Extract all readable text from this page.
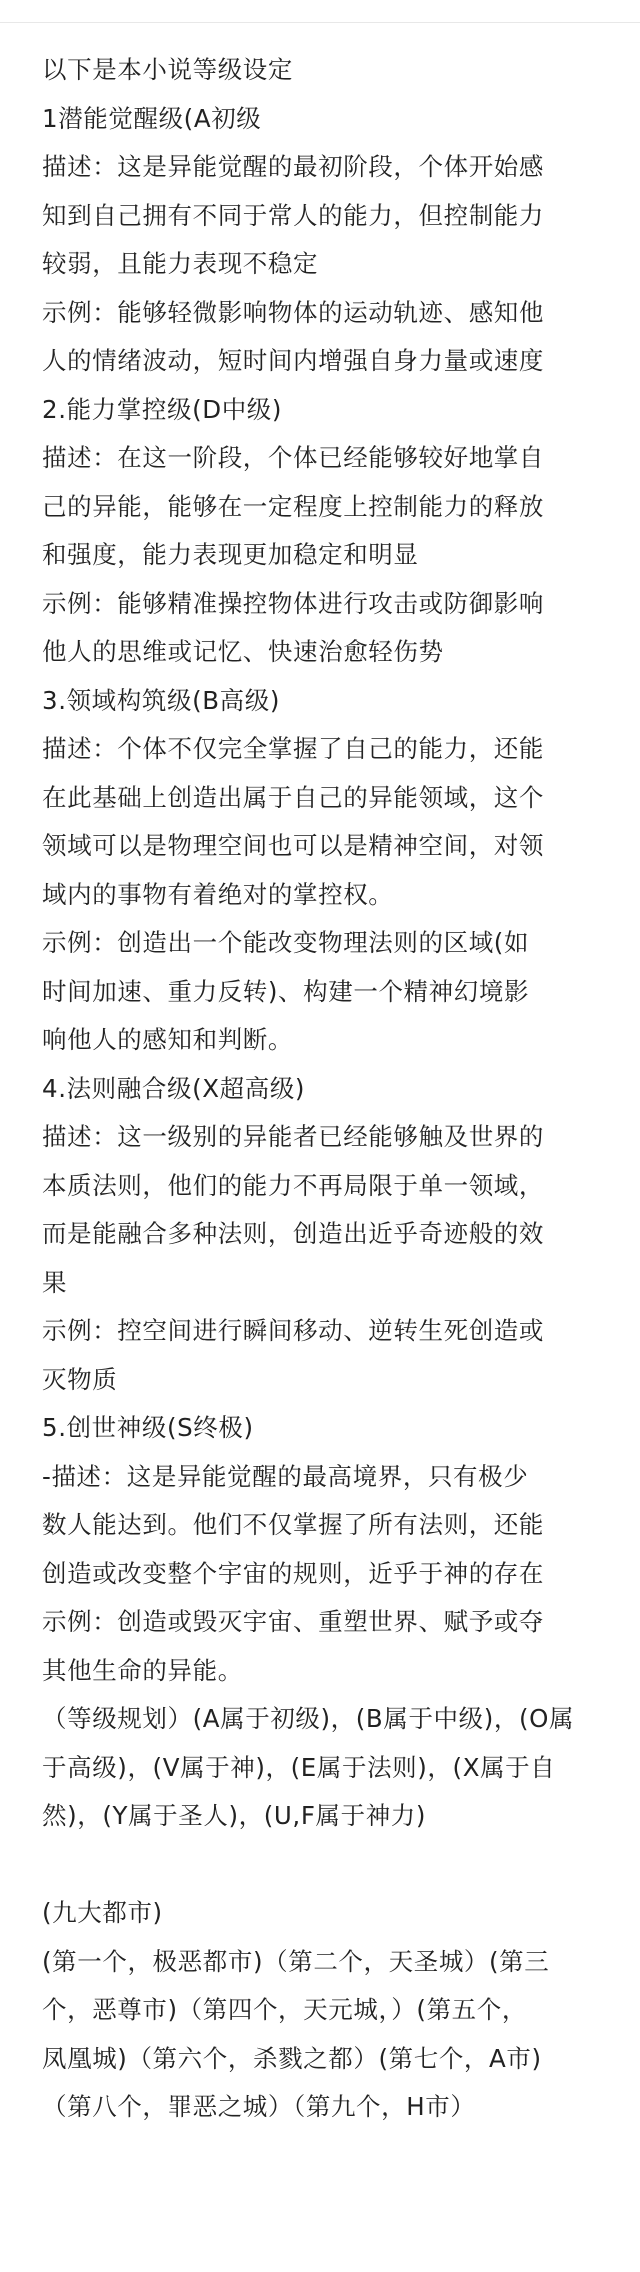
以下是本小说等级设定
1潜能觉醒级(A初级
描述：这是异能觉醒的最初阶段，个体开始感
知到自己拥有不同于常人的能力，但控制能力
较弱，且能力表现不稳定
示例：能够轻微影响物体的运动轨迹、感知他
人的情绪波动，短时间内增强自身力量或速度
2.能力掌控级(D中级)
描述：在这一阶段，个体已经能够较好地掌自
己的异能，能够在一定程度上控制能力的释放
和强度，能力表现更加稳定和明显
示例：能够精准操控物体进行攻击或防御影响
他人的思维或记忆、快速治愈轻伤势
3.领域构筑级(B高级)
描述：个体不仅完全掌握了自己的能力，还能
在此基础上创造出属于自己的异能领域，这个
领域可以是物理空间也可以是精神空间，对领
域内的事物有着绝对的掌控权。
示例：创造出一个能改变物理法则的区域(如
时间加速、重力反转)、构建一个精神幻境影
响他人的感知和判断。
4.法则融合级(X超高级)
描述：这一级别的异能者已经能够触及世界的
本质法则，他们的能力不再局限于单一领域，
而是能融合多种法则，创造出近乎奇迹般的效
果
示例：控空间进行瞬间移动、逆转生死创造或
灭物质
5.创世神级(S终极)
-描述：这是异能觉醒的最高境界，只有极少
数人能达到。他们不仅掌握了所有法则，还能
创造或改变整个宇宙的规则，近乎于神的存在
示例：创造或毁灭宇宙、重塑世界、赋予或夺
其他生命的异能。
（等级规划）(A属于初级)，(B属于中级)，(O属
于高级)，(V属于神)，(E属于法则)，(X属于自
然)，(Y属于圣人)，(U,F属于神力)
(九大都市)
(第一个，极恶都市)（第二个，天圣城）(第三
个，恶尊市)（第四个，天元城，）(第五个，
凤凰城)（第六个，杀戮之都）(第七个，A市)
（第八个，罪恶之城）（第九个，H市）
